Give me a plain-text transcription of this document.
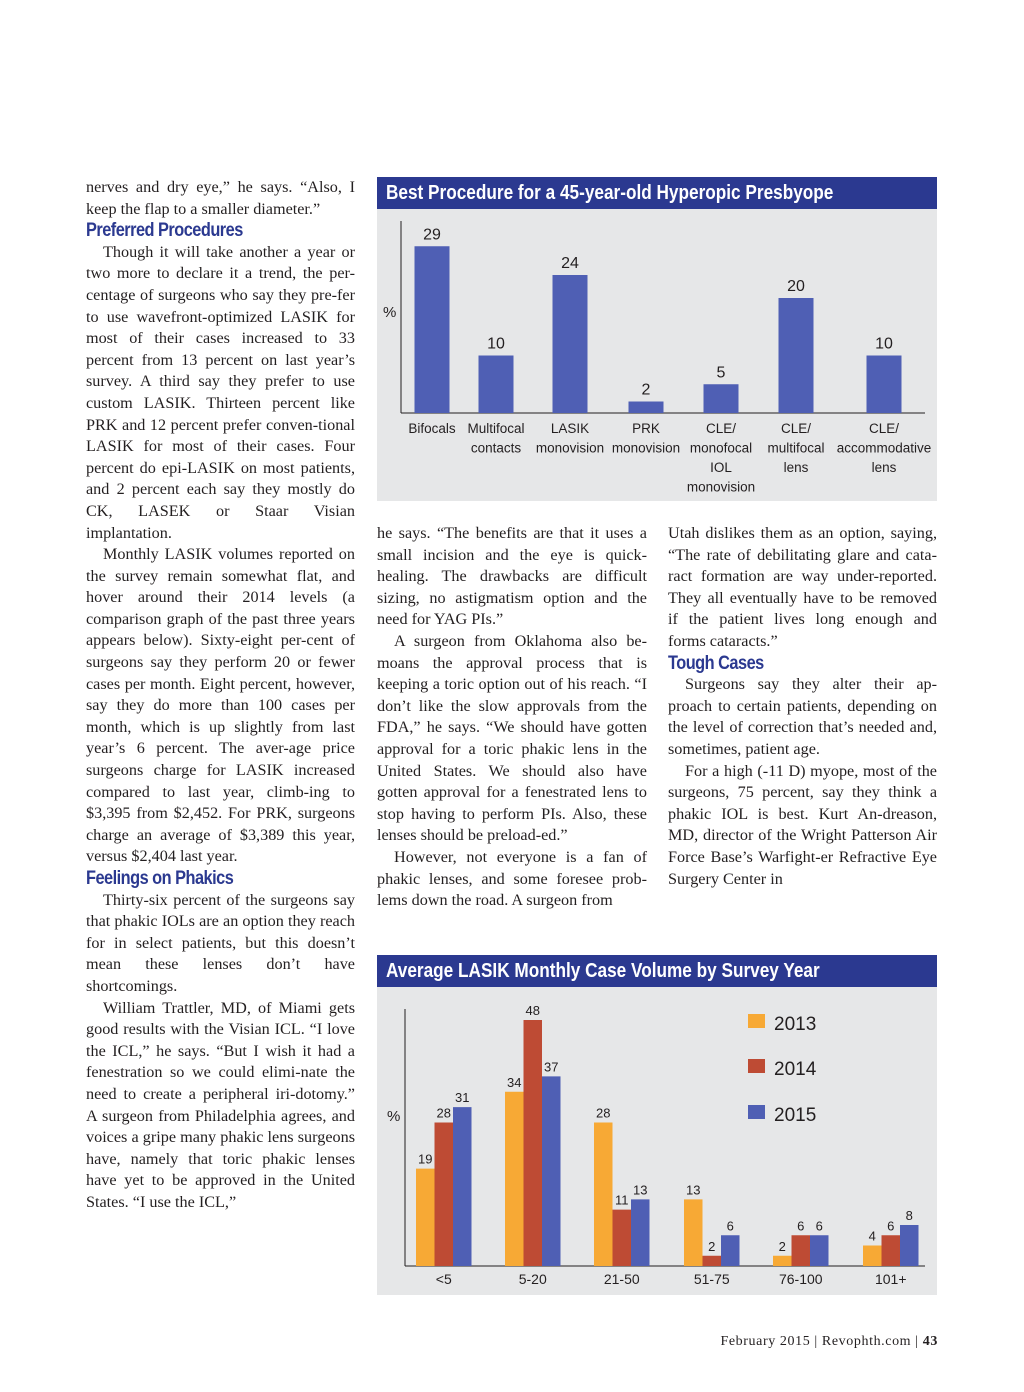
nerves and dry eye,” he says. “Also, I keep the flap to a smaller diameter.”

Preferred Procedures

Though it will take another a year or two more to declare it a trend, the per-centage of surgeons who say they pre-fer to use wavefront-optimized LASIK for most of their cases increased to 33 percent from 13 percent on last year’s survey. A third say they prefer to use custom LASIK. Thirteen percent like PRK and 12 percent prefer conven-tional LASIK for most of their cases. Four percent do epi-LASIK on most patients, and 2 percent each say they mostly do CK, LASEK or Staar Visian implantation.

Monthly LASIK volumes reported on the survey remain somewhat flat, and hover around their 2014 levels (a comparison graph of the past three years appears below). Sixty-eight per-cent of surgeons say they perform 20 or fewer cases per month. Eight percent, however, say they do more than 100 cases per month, which is up slightly from last year’s 6 percent. The aver-age price surgeons charge for LASIK increased compared to last year, climb-ing to $3,395 from $2,452. For PRK, surgeons charge an average of $3,389 this year, versus $2,404 last year.

Feelings on Phakics

Thirty-six percent of the surgeons say that phakic IOLs are an option they reach for in select patients, but this doesn’t mean these lenses don’t have shortcomings.

William Trattler, MD, of Miami gets good results with the Visian ICL. “I love the ICL,” he says. “But I wish it had a fenestration so we could elimi-nate the need to create a peripheral iri-dotomy.” A surgeon from Philadelphia agrees, and voices a gripe many phakic lens surgeons have, namely that toric phakic lenses have yet to be approved in the United States. “I use the ICL,”

Best Procedure for a 45-year-old Hyperopic Presbyope
%
29
Bifocals
10
Multifocal
contacts
24
LASIK
monovision
2
PRK
monovision
5
CLE/
monofocal
IOL
monovision
20
CLE/
multifocal
lens
10
CLE/
accommodative
lens

he says. “The benefits are that it uses a small incision and the eye is quick-healing. The drawbacks are difficult sizing, no astigmatism option and the need for YAG PIs.”

A surgeon from Oklahoma also be-moans the approval process that is keeping a toric option out of his reach. “I don’t like the slow approvals from the FDA,” he says. “We should have gotten approval for a toric phakic lens in the United States. We should also have gotten approval for a fenestrated lens to stop having to perform PIs. Also, these lenses should be preload-ed.”

However, not everyone is a fan of phakic lenses, and some foresee prob-lems down the road. A surgeon from

Utah dislikes them as an option, saying, “The rate of debilitating glare and cata-ract formation are way under-reported. They all eventually have to be removed if the patient lives long enough and forms cataracts.”

Tough Cases

Surgeons say they alter their ap-proach to certain patients, depending on the level of correction that’s needed and, sometimes, patient age.

For a high (-11 D) myope, most of the surgeons, 75 percent, say they think a phakic IOL is best. Kurt An-dreason, MD, director of the Wright Patterson Air Force Base’s Warfight-er Refractive Eye Surgery Center in

Average LASIK Monthly Case Volume by Survey Year
%
19
28
31
<5
34
48
37
5-20
28
11
13
21-50
13
2
6
51-75
2
6 6
76-100
4
6
8
101+
2013
2014
2015
February 2015 | Revophth.com | 43
